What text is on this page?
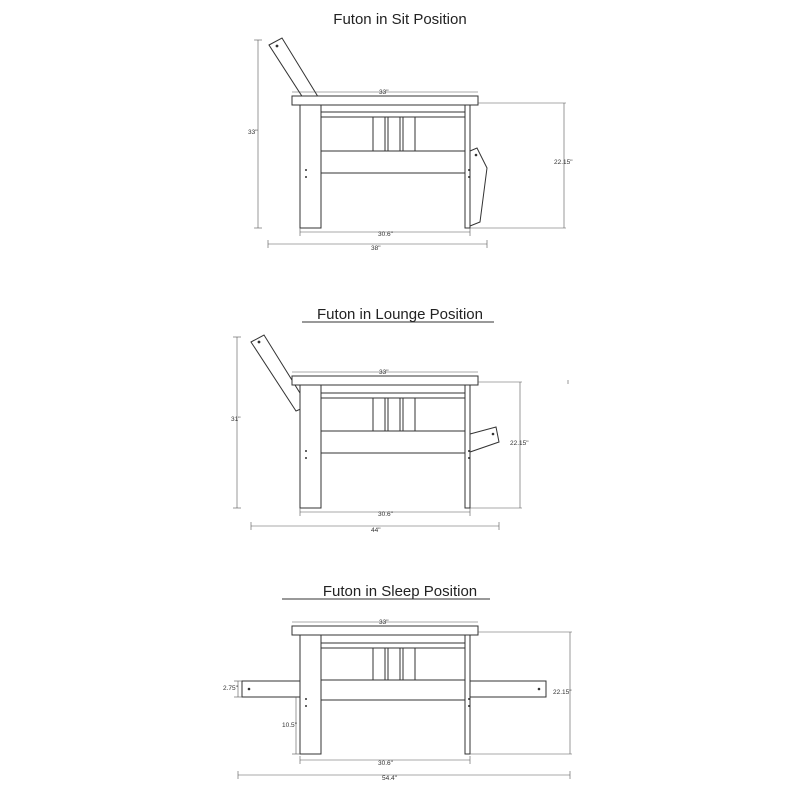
Futon in Sit Position
Futon in Lounge Position
Futon in Sleep Position
33"
33"
22.15"
30.6"
38"
33"
31"
22.15"
30.6"
44"
33"
2.75"
22.15"
10.5"
30.6"
54.4"
